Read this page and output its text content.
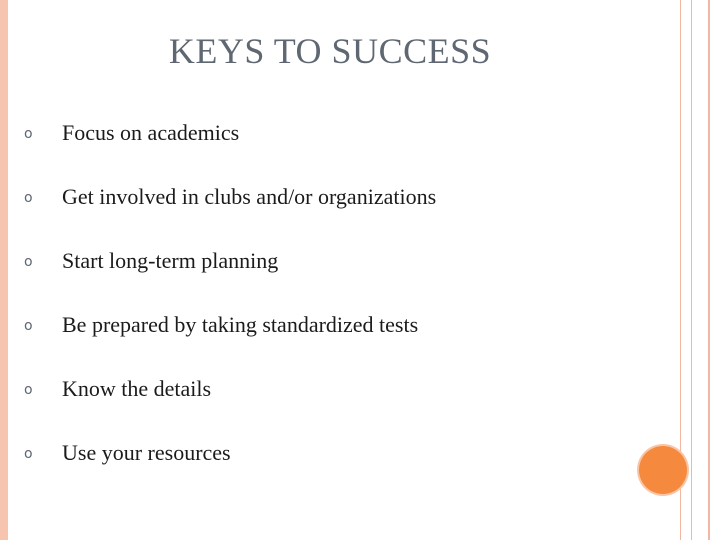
KEYS TO SUCCESS
o	Focus on academics
o	Get involved in clubs and/or organizations
o	Start long-term planning
o	Be prepared by taking standardized tests
o	Know the details
o	Use your resources
